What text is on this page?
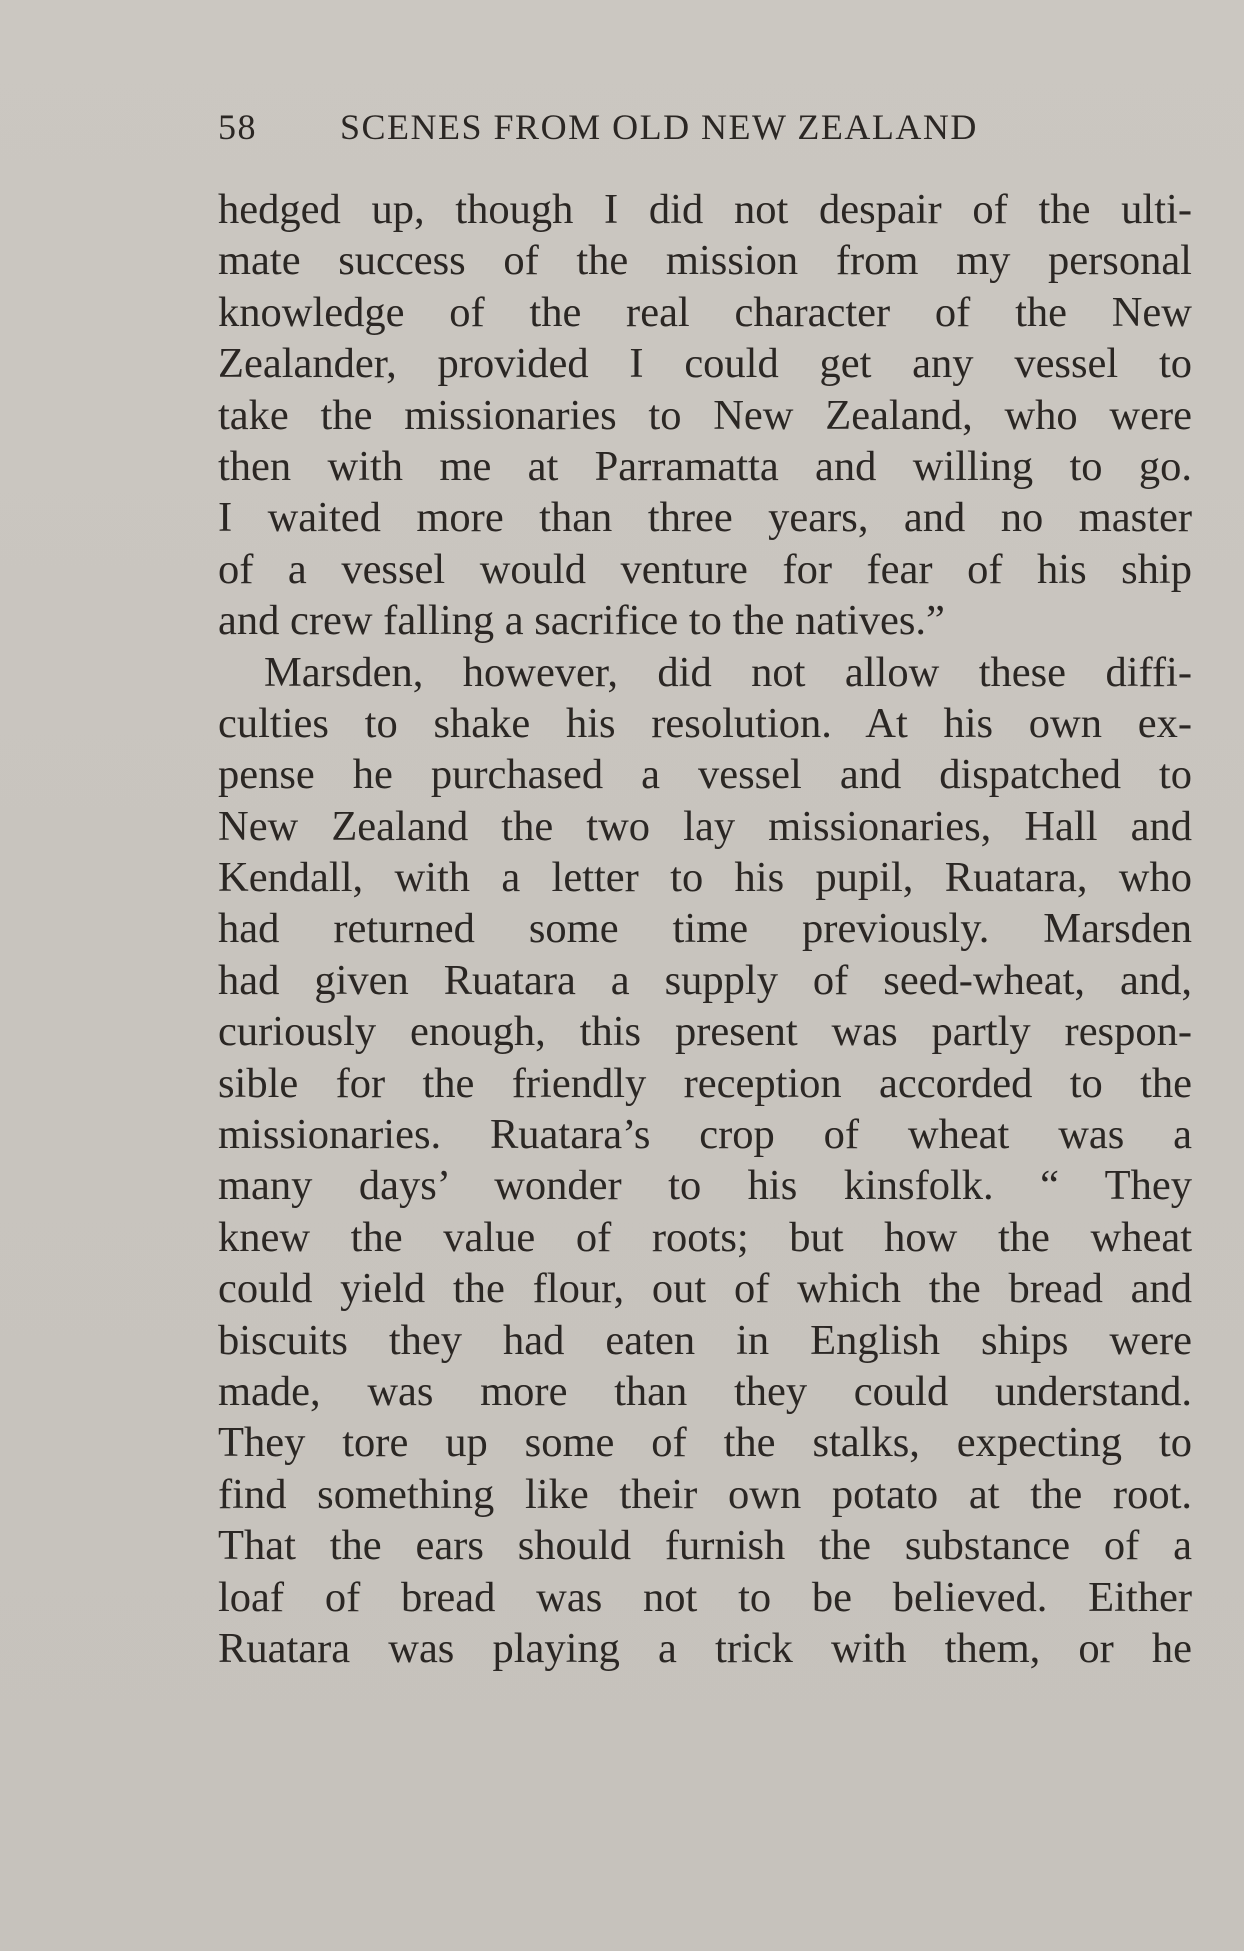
58 SCENES FROM OLD NEW ZEALAND
hedged up, though I did not despair of the ulti-
mate success of the mission from my personal
knowledge of the real character of the New
Zealander, provided I could get any vessel to
take the missionaries to New Zealand, who were
then with me at Parramatta and willing to go.
I waited more than three years, and no master
of a vessel would venture for fear of his ship
and crew falling a sacrifice to the natives.”
Marsden, however, did not allow these diffi-
culties to shake his resolution. At his own ex-
pense he purchased a vessel and dispatched to
New Zealand the two lay missionaries, Hall and
Kendall, with a letter to his pupil, Ruatara, who
had returned some time previously. Marsden
had given Ruatara a supply of seed-wheat, and,
curiously enough, this present was partly respon-
sible for the friendly reception accorded to the
missionaries. Ruatara’s crop of wheat was a
many days’ wonder to his kinsfolk. “ They
knew the value of roots; but how the wheat
could yield the flour, out of which the bread and
biscuits they had eaten in English ships were
made, was more than they could understand.
They tore up some of the stalks, expecting to
find something like their own potato at the root.
That the ears should furnish the substance of a
loaf of bread was not to be believed. Either
Ruatara was playing a trick with them, or he
